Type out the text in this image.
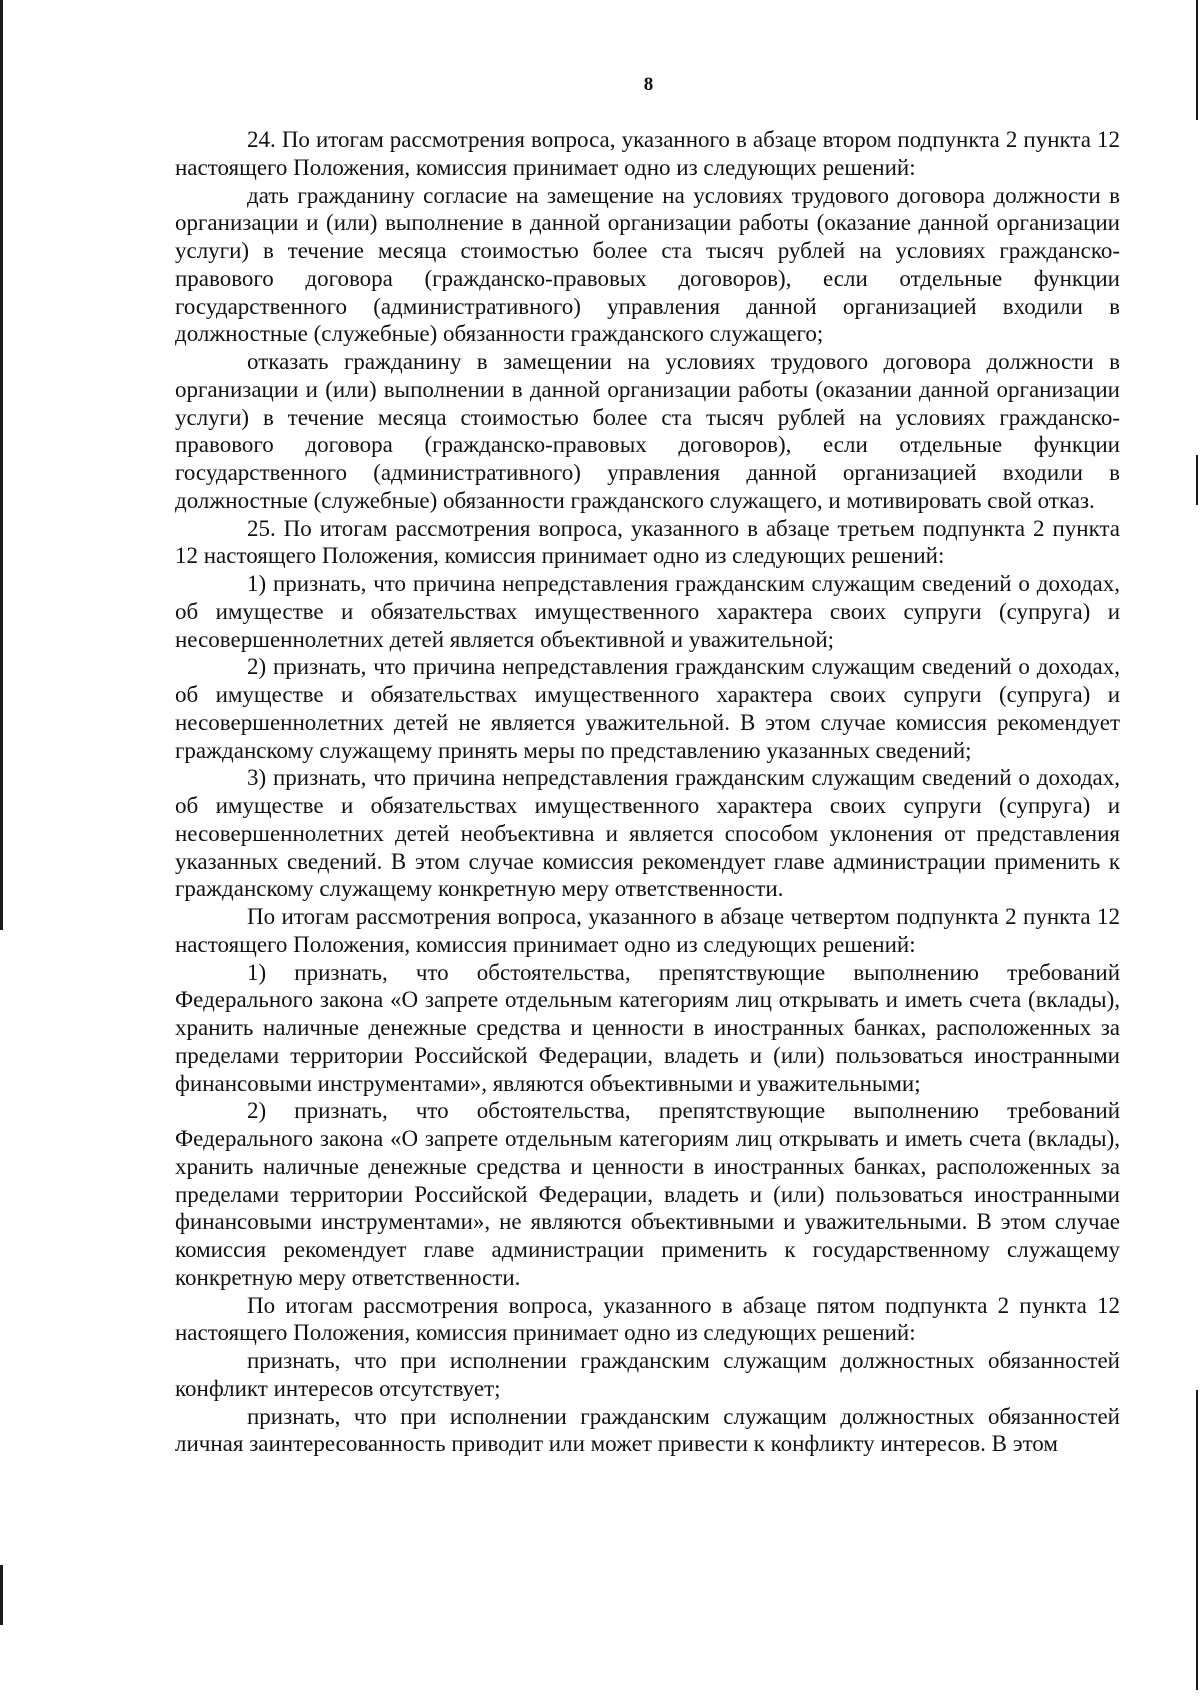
8

24. По итогам рассмотрения вопроса, указанного в абзаце втором подпункта 2 пункта 12 настоящего Положения, комиссия принимает одно из следующих решений:

дать гражданину согласие на замещение на условиях трудового договора должности в организации и (или) выполнение в данной организации работы (оказание данной организации услуги) в течение месяца стоимостью более ста тысяч рублей на условиях гражданско-правового договора (гражданско-правовых договоров), если отдельные функции государственного (административного) управления данной организацией входили в должностные (служебные) обязанности гражданского служащего;

отказать гражданину в замещении на условиях трудового договора должности в организации и (или) выполнении в данной организации работы (оказании данной организации услуги) в течение месяца стоимостью более ста тысяч рублей на условиях гражданско-правового договора (гражданско-правовых договоров), если отдельные функции государственного (административного) управления данной организацией входили в должностные (служебные) обязанности гражданского служащего, и мотивировать свой отказ.

25. По итогам рассмотрения вопроса, указанного в абзаце третьем подпункта 2 пункта 12 настоящего Положения, комиссия принимает одно из следующих решений:

1) признать, что причина непредставления гражданским служащим сведений о доходах, об имуществе и обязательствах имущественного характера своих супруги (супруга) и несовершеннолетних детей является объективной и уважительной;

2) признать, что причина непредставления гражданским служащим сведений о доходах, об имуществе и обязательствах имущественного характера своих супруги (супруга) и несовершеннолетних детей не является уважительной. В этом случае комиссия рекомендует гражданскому служащему принять меры по представлению указанных сведений;

3) признать, что причина непредставления гражданским служащим сведений о доходах, об имуществе и обязательствах имущественного характера своих супруги (супруга) и несовершеннолетних детей необъективна и является способом уклонения от представления указанных сведений. В этом случае комиссия рекомендует главе администрации применить к гражданскому служащему конкретную меру ответственности.

По итогам рассмотрения вопроса, указанного в абзаце четвертом подпункта 2 пункта 12 настоящего Положения, комиссия принимает одно из следующих решений:

1) признать, что обстоятельства, препятствующие выполнению требований Федерального закона «О запрете отдельным категориям лиц открывать и иметь счета (вклады), хранить наличные денежные средства и ценности в иностранных банках, расположенных за пределами территории Российской Федерации, владеть и (или) пользоваться иностранными финансовыми инструментами», являются объективными и уважительными;

2) признать, что обстоятельства, препятствующие выполнению требований Федерального закона «О запрете отдельным категориям лиц открывать и иметь счета (вклады), хранить наличные денежные средства и ценности в иностранных банках, расположенных за пределами территории Российской Федерации, владеть и (или) пользоваться иностранными финансовыми инструментами», не являются объективными и уважительными. В этом случае комиссия рекомендует главе администрации применить к государственному служащему конкретную меру ответственности.

По итогам рассмотрения вопроса, указанного в абзаце пятом подпункта 2 пункта 12 настоящего Положения, комиссия принимает одно из следующих решений:

признать, что при исполнении гражданским служащим должностных обязанностей конфликт интересов отсутствует;

признать, что при исполнении гражданским служащим должностных обязанностей личная заинтересованность приводит или может привести к конфликту интересов. В этом
